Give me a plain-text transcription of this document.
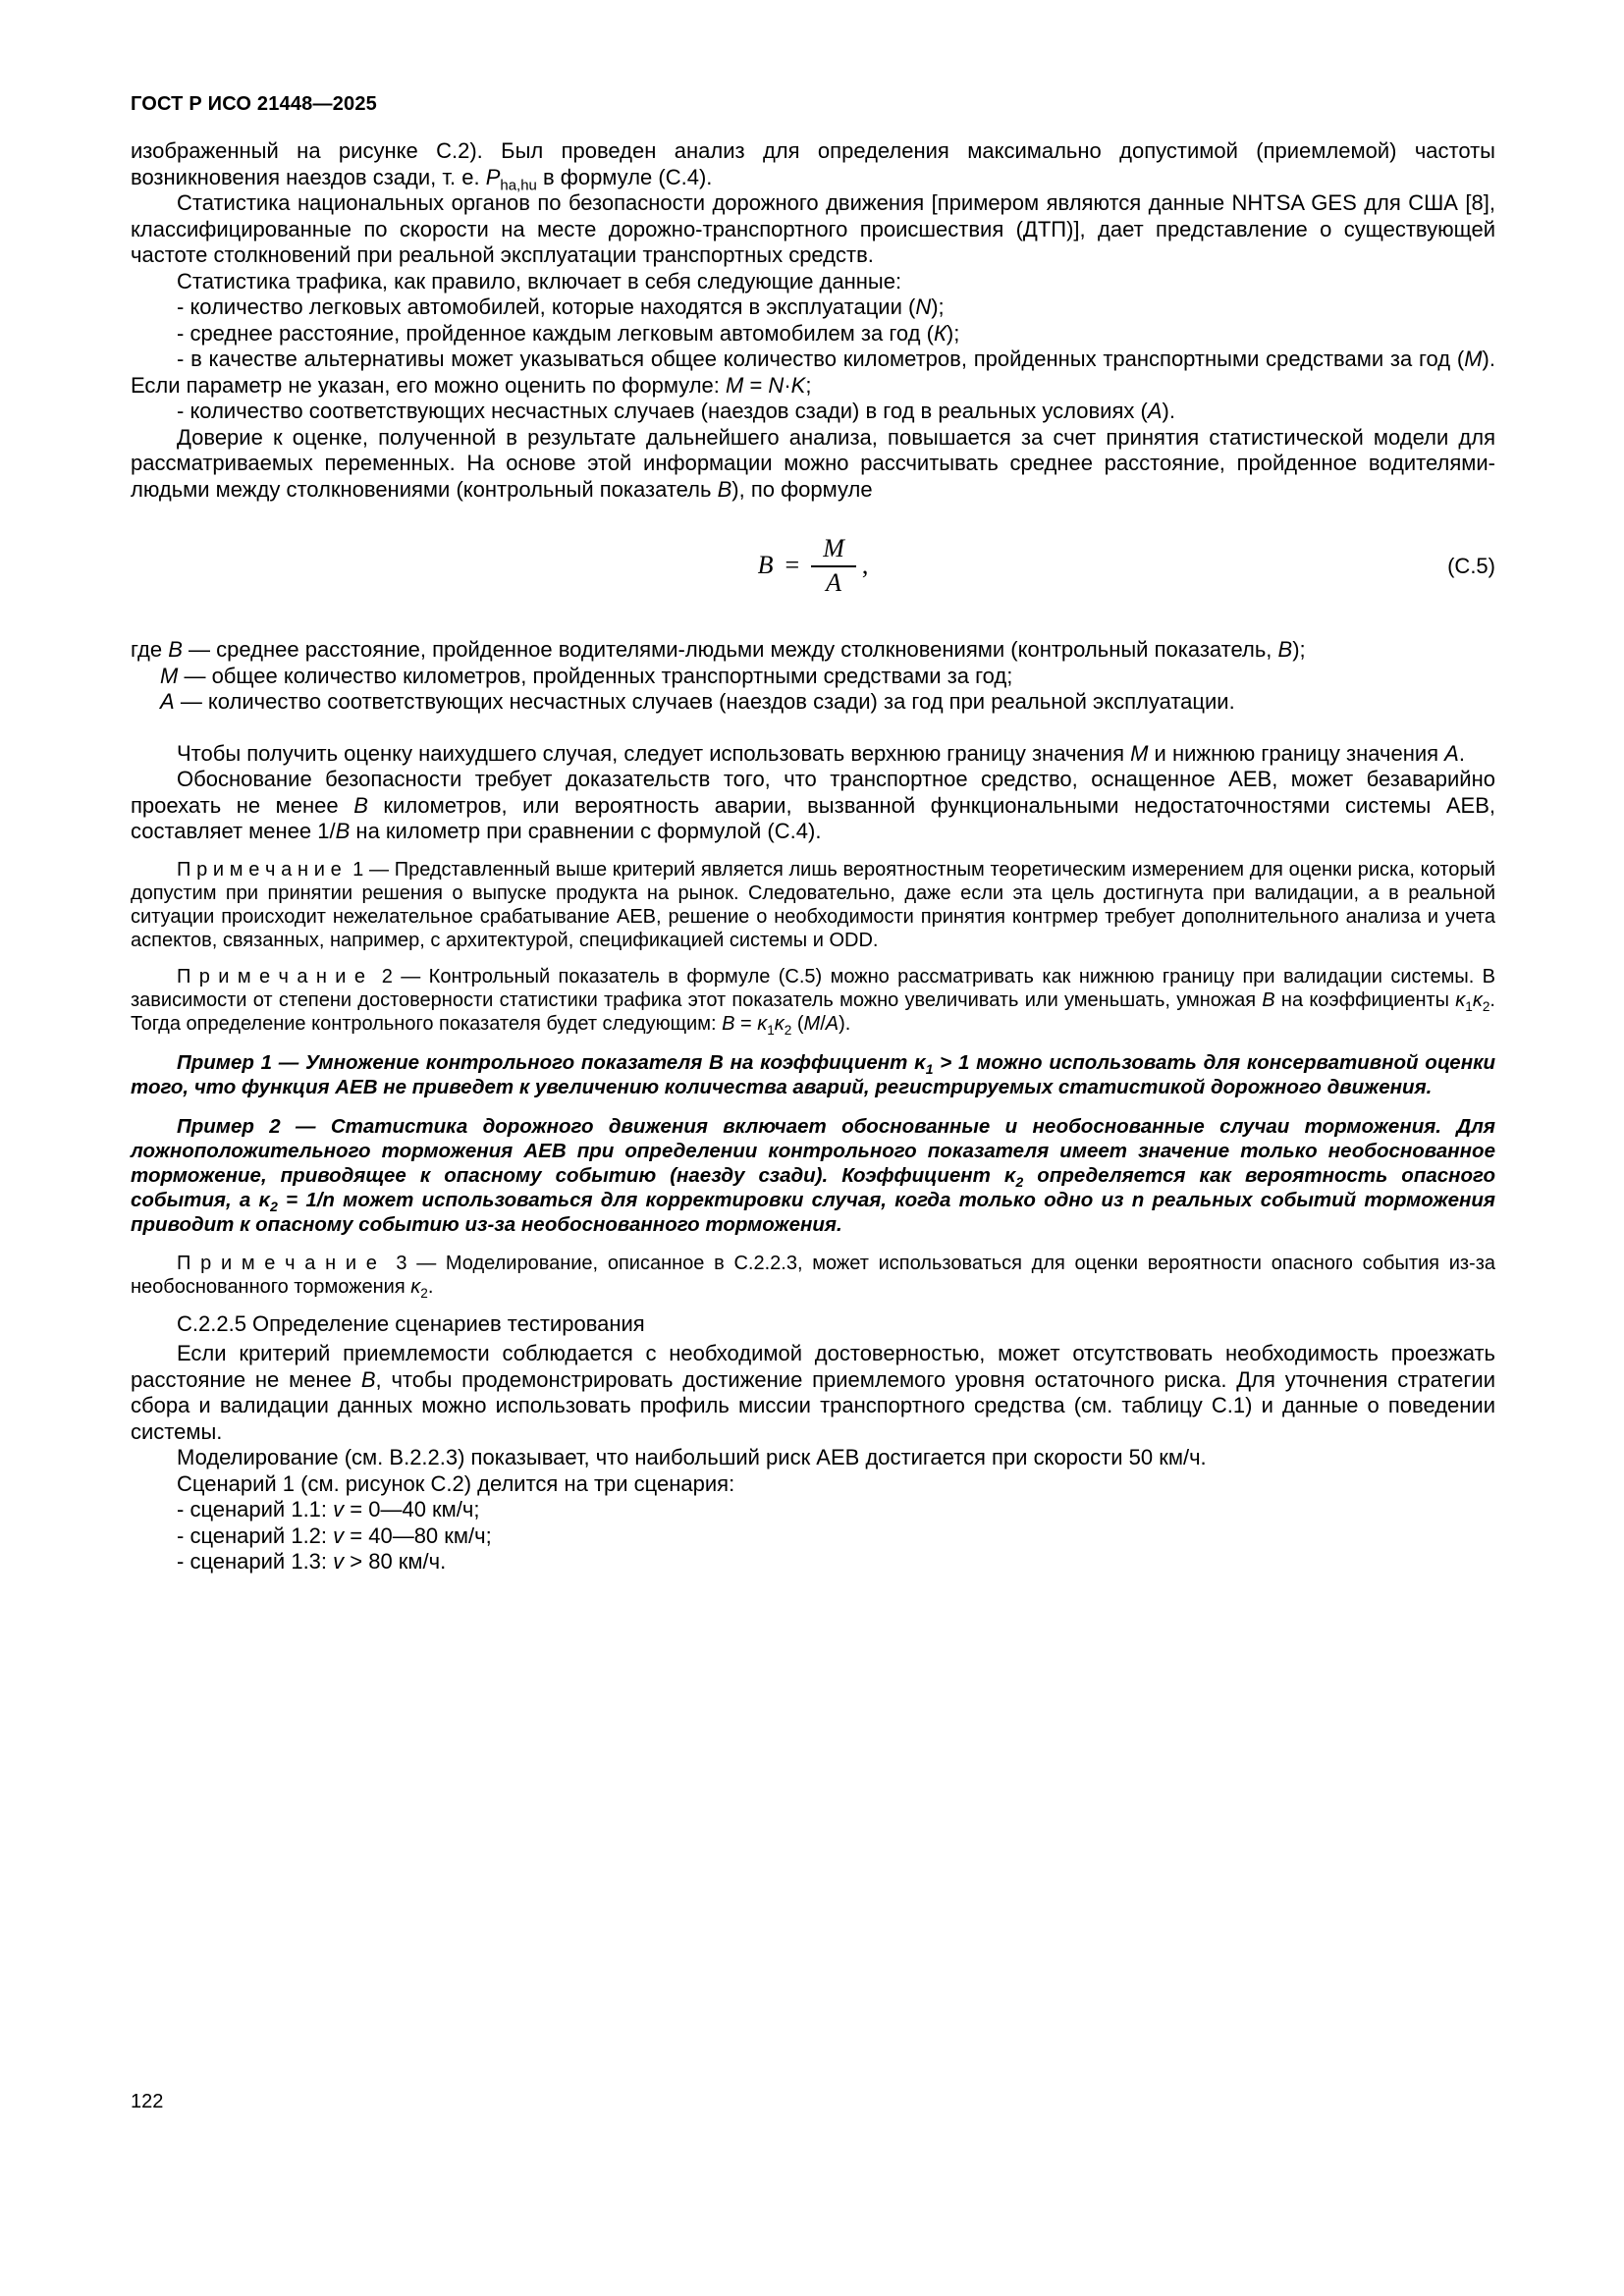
ГОСТ Р ИСО 21448—2025
изображенный на рисунке С.2). Был проведен анализ для определения максимально допустимой (приемлемой) частоты возникновения наездов сзади, т. е. $P_{ha,hu}$ в формуле (С.4).
Статистика национальных органов по безопасности дорожного движения [примером являются данные NHTSA GES для США [8], классифицированные по скорости на месте дорожно-транспортного происшествия (ДТП)], дает представление о существующей частоте столкновений при реальной эксплуатации транспортных средств.
Статистика трафика, как правило, включает в себя следующие данные:
- количество легковых автомобилей, которые находятся в эксплуатации (N);
- среднее расстояние, пройденное каждым легковым автомобилем за год (К);
- в качестве альтернативы может указываться общее количество километров, пройденных транспортными средствами за год (М). Если параметр не указан, его можно оценить по формуле: M = N·K;
- количество соответствующих несчастных случаев (наездов сзади) в год в реальных условиях (А).
Доверие к оценке, полученной в результате дальнейшего анализа, повышается за счет принятия статистической модели для рассматриваемых переменных. На основе этой информации можно рассчитывать среднее расстояние, пройденное водителями-людьми между столкновениями (контрольный показатель В), по формуле
$B = \frac{M}{A}$ ,	(С.5)
где В — среднее расстояние, пройденное водителями-людьми между столкновениями (контрольный показатель, В);
М — общее количество километров, пройденных транспортными средствами за год;
А — количество соответствующих несчастных случаев (наездов сзади) за год при реальной эксплуатации.
Чтобы получить оценку наихудшего случая, следует использовать верхнюю границу значения М и нижнюю границу значения А.
Обоснование безопасности требует доказательств того, что транспортное средство, оснащенное AEB, может безаварийно проехать не менее В километров, или вероятность аварии, вызванной функциональными недостаточностями системы AEB, составляет менее 1/В на километр при сравнении с формулой (С.4).
П р и м е ч а н и е  1 — Представленный выше критерий является лишь вероятностным теоретическим измерением для оценки риска, который допустим при принятии решения о выпуске продукта на рынок. Следовательно, даже если эта цель достигнута при валидации, а в реальной ситуации происходит нежелательное срабатывание AEB, решение о необходимости принятия контрмер требует дополнительного анализа и учета аспектов, связанных, например, с архитектурой, спецификацией системы и ODD.
П р и м е ч а н и е  2 — Контрольный показатель в формуле (С.5) можно рассматривать как нижнюю границу при валидации системы. В зависимости от степени достоверности статистики трафика этот показатель можно увеличивать или уменьшать, умножая В на коэффициенты $\kappa_1\kappa_2$. Тогда определение контрольного показателя будет следующим: $B = \kappa_1\kappa_2$ (M/A).
Пример 1 — Умножение контрольного показателя В на коэффициент $\kappa_1 > 1$ можно использовать для консервативной оценки того, что функция AEB не приведет к увеличению количества аварий, регистрируемых статистикой дорожного движения.
Пример 2 — Статистика дорожного движения включает обоснованные и необоснованные случаи торможения. Для ложноположительного торможения AEB при определении контрольного показателя имеет значение только необоснованное торможение, приводящее к опасному событию (наезду сзади). Коэффициент $\kappa_2$ определяется как вероятность опасного события, а $\kappa_2 = 1/n$ может использоваться для корректировки случая, когда только одно из n реальных событий торможения приводит к опасному событию из-за необоснованного торможения.
П р и м е ч а н и е  3 — Моделирование, описанное в С.2.2.3, может использоваться для оценки вероятности опасного события из-за необоснованного торможения $\kappa_2$.
С.2.2.5 Определение сценариев тестирования
Если критерий приемлемости соблюдается с необходимой достоверностью, может отсутствовать необходимость проезжать расстояние не менее В, чтобы продемонстрировать достижение приемлемого уровня остаточного риска. Для уточнения стратегии сбора и валидации данных можно использовать профиль миссии транспортного средства (см. таблицу С.1) и данные о поведении системы.
Моделирование (см. В.2.2.3) показывает, что наибольший риск AEB достигается при скорости 50 км/ч.
Сценарий 1 (см. рисунок С.2) делится на три сценария:
- сценарий 1.1: v = 0—40 км/ч;
- сценарий 1.2: v = 40—80 км/ч;
- сценарий 1.3: v > 80 км/ч.
122
